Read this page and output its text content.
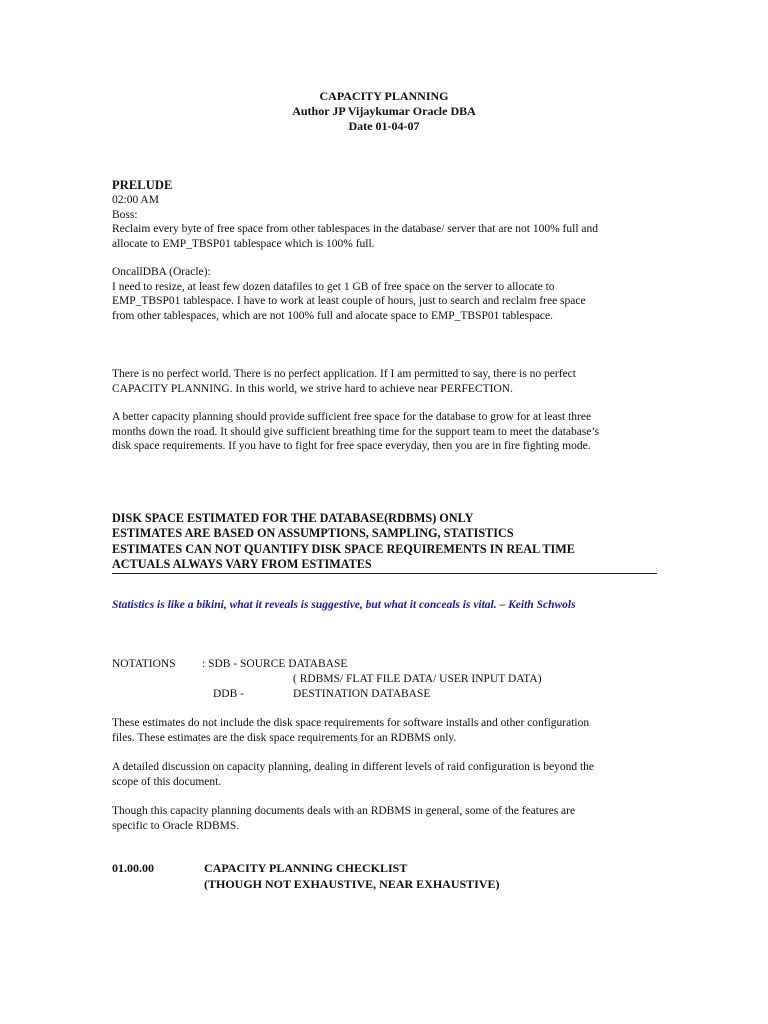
CAPACITY PLANNING
Author JP Vijaykumar Oracle DBA
Date 01-04-07

PRELUDE

02:00 AM

Boss:

Reclaim every byte of free space from other tablespaces in the database/ server that are not 100% full and

allocate to EMP_TBSP01 tablespace which is 100% full.

OncallDBA (Oracle):

I need to resize, at least few dozen datafiles to get 1 GB of free space on the server to allocate to

EMP_TBSP01 tablespace. I have to work at least couple of hours, just to search and reclaim free space

from other tablespaces, which are not 100% full and alocate space to EMP_TBSP01 tablespace.

There is no perfect world. There is no perfect application. If I am permitted to say, there is no perfect

CAPACITY PLANNING. In this world, we strive hard to achieve near PERFECTION.

A better capacity planning should provide sufficient free space for the database to grow for at least three

months down the road. It should give sufficient breathing time for the support team to meet the database’s

disk space requirements. If you have to fight for free space everyday, then you are in fire fighting mode.

DISK SPACE ESTIMATED FOR THE DATABASE(RDBMS) ONLY
ESTIMATES ARE BASED ON ASSUMPTIONS, SAMPLING, STATISTICS
ESTIMATES CAN NOT QUANTIFY DISK SPACE REQUIREMENTS IN REAL TIME
ACTUALS ALWAYS VARY FROM ESTIMATES
Statistics is like a bikini, what it reveals is suggestive, but what it conceals is vital. – Keith Schwols
NOTATIONS : SDB - SOURCE DATABASE
( RDBMS/ FLAT FILE DATA/ USER INPUT DATA)
DDB -	DESTINATION DATABASE

These estimates do not include the disk space requirements for software installs and other configuration

files. These estimates are the disk space requirements for an RDBMS only.

A detailed discussion on capacity planning, dealing in different levels of raid configuration is beyond the

scope of this document.

Though this capacity planning documents deals with an RDBMS in general, some of the features are

specific to Oracle RDBMS.

01.00.00	CAPACITY PLANNING CHECKLIST
(THOUGH NOT EXHAUSTIVE, NEAR EXHAUSTIVE)
